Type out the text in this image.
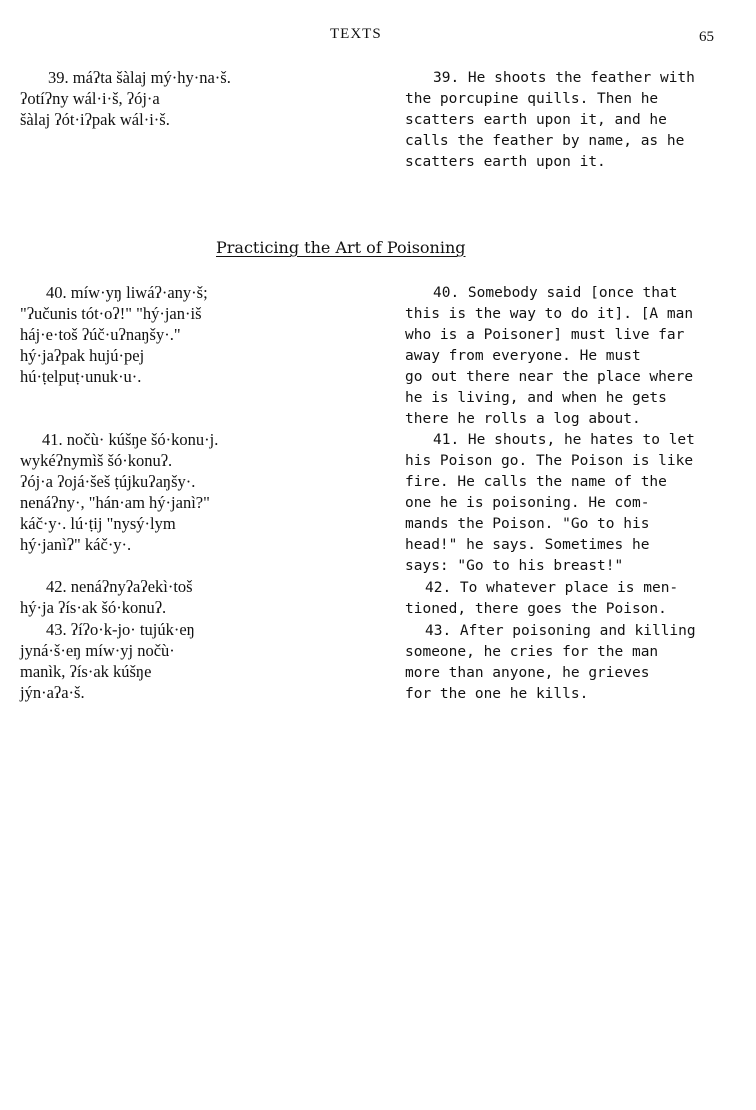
TEXTS	65
39. máʔta šàlaj mý·hy·na·š.
ʔotíʔny wál·i·š, ʔój·a
šàlaj ʔót·iʔpak wál·i·š.
39. He shoots the feather with
the porcupine quills. Then he
scatters earth upon it, and he
calls the feather by name, as he
scatters earth upon it.
Practicing the Art of Poisoning
40. míw·yŋ liwáʔ·any·š;
"ʔučunis tót·oʔ!" "hý·jan·iš
háj·e·toš ʔúč·uʔnaŋšy·."
hý·jaʔpak hujú·pej
hú·ṭelpuṭ·unuk·u·.
40. Somebody said [once that
this is the way to do it]. [A man
who is a Poisoner] must live far
away from everyone. He must
go out there near the place where
he is living, and when he gets
there he rolls a log about.
41. nočù· kúšŋe šó·konu·j.
wykéʔnymìš šó·konuʔ.
ʔój·a ʔojá·šeš ṭújkuʔaŋšy·.
nenáʔny·, "hán·am hý·janì?"
káč·y·. lú·ṭij "nysý·lym
hý·janìʔ" káč·y·.
41. He shouts, he hates to let
his Poison go. The Poison is like
fire. He calls the name of the
one he is poisoning. He com-
mands the Poison. "Go to his
head!" he says. Sometimes he
says: "Go to his breast!"
42. nenáʔnyʔaʔekì·toš
hý·ja ʔís·ak šó·konuʔ.
42. To whatever place is men-
tioned, there goes the Poison.
43. ʔíʔo·k-jo· tujúk·eŋ
jyná·š·eŋ míw·yj nočù·
manìk, ʔís·ak kúšŋe
jýn·aʔa·š.
43. After poisoning and killing
someone, he cries for the man
more than anyone, he grieves
for the one he kills.
